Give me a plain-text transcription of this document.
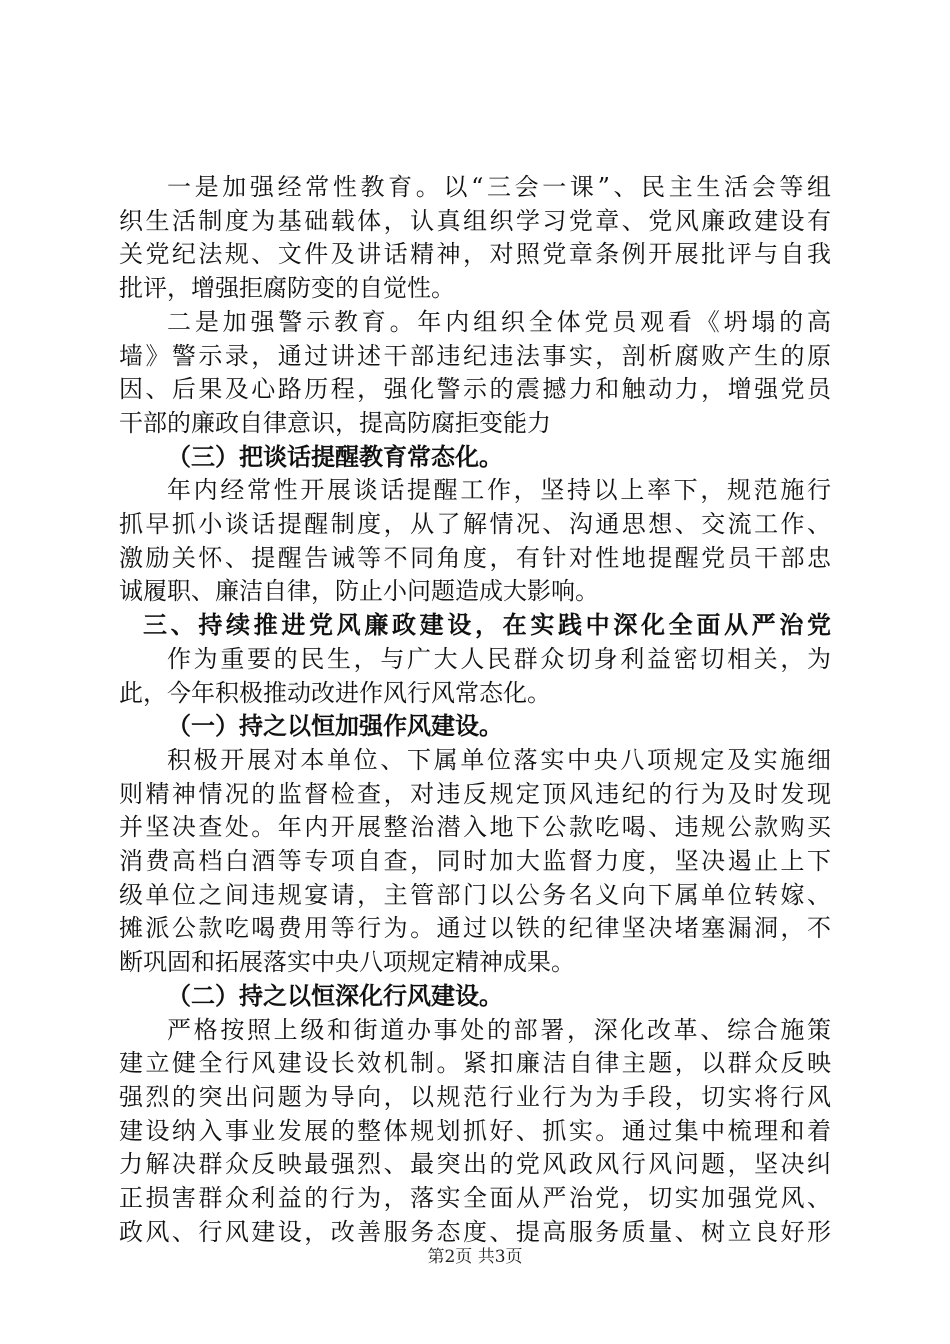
一是加强经常性教育。以“三会一课”、民主生活会等组

织生活制度为基础载体，认真组织学习党章、党风廉政建设有

关党纪法规、文件及讲话精神，对照党章条例开展批评与自我

批评，增强拒腐防变的自觉性。

二是加强警示教育。年内组织全体党员观看《坍塌的高

墙》警示录，通过讲述干部违纪违法事实，剖析腐败产生的原

因、后果及心路历程，强化警示的震撼力和触动力，增强党员

干部的廉政自律意识，提高防腐拒变能力

（三）把谈话提醒教育常态化。

年内经常性开展谈话提醒工作，坚持以上率下，规范施行

抓早抓小谈话提醒制度，从了解情况、沟通思想、交流工作、

激励关怀、提醒告诫等不同角度，有针对性地提醒党员干部忠

诚履职、廉洁自律，防止小问题造成大影响。

三、持续推进党风廉政建设，在实践中深化全面从严治党

作为重要的民生，与广大人民群众切身利益密切相关，为

此，今年积极推动改进作风行风常态化。

（一）持之以恒加强作风建设。

积极开展对本单位、下属单位落实中央八项规定及实施细

则精神情况的监督检查，对违反规定顶风违纪的行为及时发现

并坚决查处。年内开展整治潜入地下公款吃喝、违规公款购买

消费高档白酒等专项自查，同时加大监督力度，坚决遏止上下

级单位之间违规宴请，主管部门以公务名义向下属单位转嫁、

摊派公款吃喝费用等行为。通过以铁的纪律坚决堵塞漏洞，不

断巩固和拓展落实中央八项规定精神成果。

（二）持之以恒深化行风建设。

严格按照上级和街道办事处的部署，深化改革、综合施策

建立健全行风建设长效机制。紧扣廉洁自律主题，以群众反映

强烈的突出问题为导向，以规范行业行为为手段，切实将行风

建设纳入事业发展的整体规划抓好、抓实。通过集中梳理和着

力解决群众反映最强烈、最突出的党风政风行风问题，坚决纠

正损害群众利益的行为，落实全面从严治党，切实加强党风、

政风、行风建设，改善服务态度、提高服务质量、树立良好形

第2页 共3页
